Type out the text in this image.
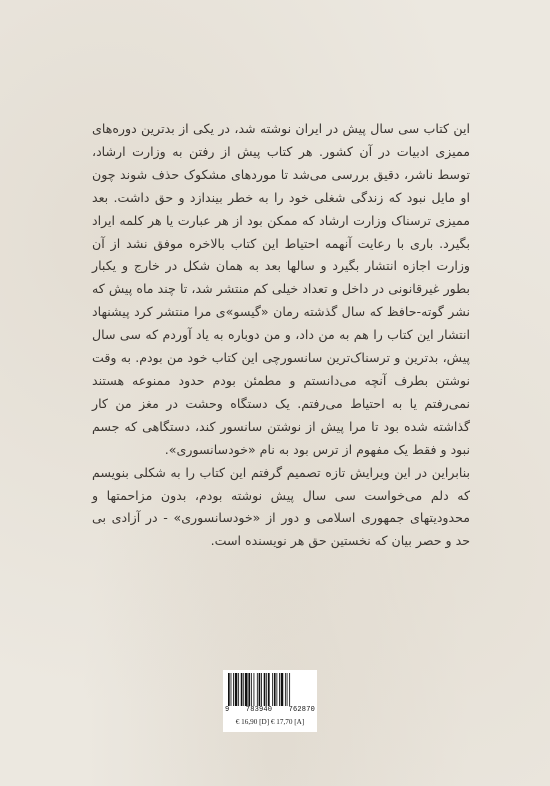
این کتاب سی سال پیش در ایران نوشته شد، در یکی از بدترین دوره‌های ممیزی ادبیات در آن کشور. هر کتاب پیش از رفتن به وزارت ارشاد، توسط ناشر، دقیق بررسی می‌شد تا موردهای مشکوک حذف شوند چون او مایل نبود که زندگی شغلی خود را به خطر بیندازد و حق داشت. بعد ممیزی ترسناک وزارت ارشاد که ممکن بود از هر عبارت یا هر کلمه ایراد بگیرد. باری با رعایت آنهمه احتیاط این کتاب بالاخره موفق نشد از آن وزارت اجازه انتشار بگیرد و سالها بعد به همان شکل در خارج و یکبار بطور غیرقانونی در داخل و تعداد خیلی کم منتشر شد، تا چند ماه پیش که نشر گوته-حافظ که سال گذشته رمان «گیسو»ی مرا منتشر کرد پیشنهاد انتشار این کتاب را هم به من داد، و من دوباره به یاد آوردم که سی سال پیش، بدترین و ترسناک‌ترین سانسورچی این کتاب خود من بودم. به وقت نوشتن بطرف آنچه می‌دانستم و مطمئن بودم حدود ممنوعه هستند نمی‌رفتم یا به احتیاط می‌رفتم. یک دستگاه وحشت در مغز من کار گذاشته شده بود تا مرا پیش از نوشتن سانسور کند، دستگاهی که جسم نبود و فقط یک مفهوم از ترس بود به نام «خودسانسوری».

بنابراین در این ویرایش تازه تصمیم گرفتم این کتاب را به شکلی بنویسم که دلم می‌خواست سی سال پیش نوشته بودم، بدون مزاحمتها و محدودیتهای جمهوری اسلامی و دور از «خودسانسوری» - در آزادی بی حد و حصر بیان که نخستین حق هر نویسنده است.

9 783940 762870
€ 16,90 [D] € 17,70 [A]
